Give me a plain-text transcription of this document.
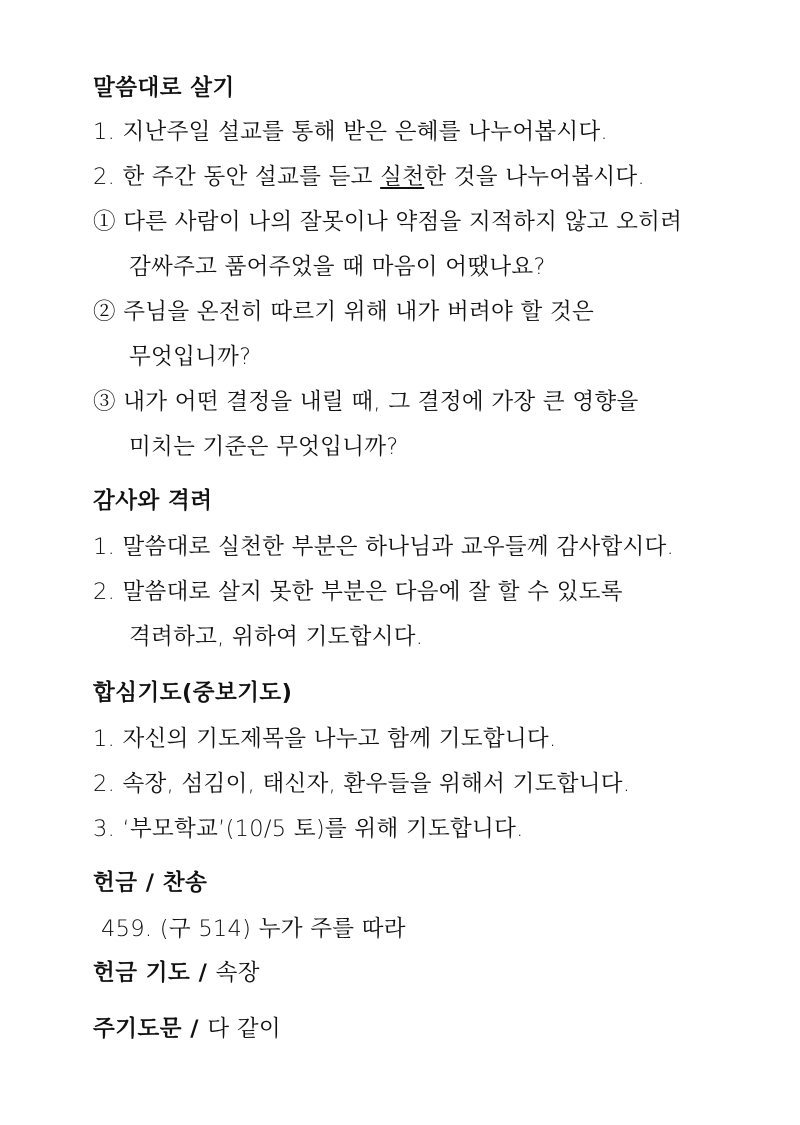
말씀대로 살기
1. 지난주일 설교를 통해 받은 은혜를 나누어봅시다.
2. 한 주간 동안 설교를 듣고 실천한 것을 나누어봅시다.
① 다른 사람이 나의 잘못이나 약점을 지적하지 않고 오히려
감싸주고 품어주었을 때 마음이 어땠나요?
② 주님을 온전히 따르기 위해 내가 버려야 할 것은
무엇입니까?
③ 내가 어떤 결정을 내릴 때, 그 결정에 가장 큰 영향을
미치는 기준은 무엇입니까?
감사와 격려
1. 말씀대로 실천한 부분은 하나님과 교우들께 감사합시다.
2. 말씀대로 살지 못한 부분은 다음에 잘 할 수 있도록
격려하고, 위하여 기도합시다.
합심기도(중보기도)
1. 자신의 기도제목을 나누고 함께 기도합니다.
2. 속장, 섬김이, 태신자, 환우들을 위해서 기도합니다.
3. ‘부모학교’(10/5 토)를 위해 기도합니다.
헌금 / 찬송
459. (구 514) 누가 주를 따라
헌금 기도 / 속장
주기도문 / 다 같이
